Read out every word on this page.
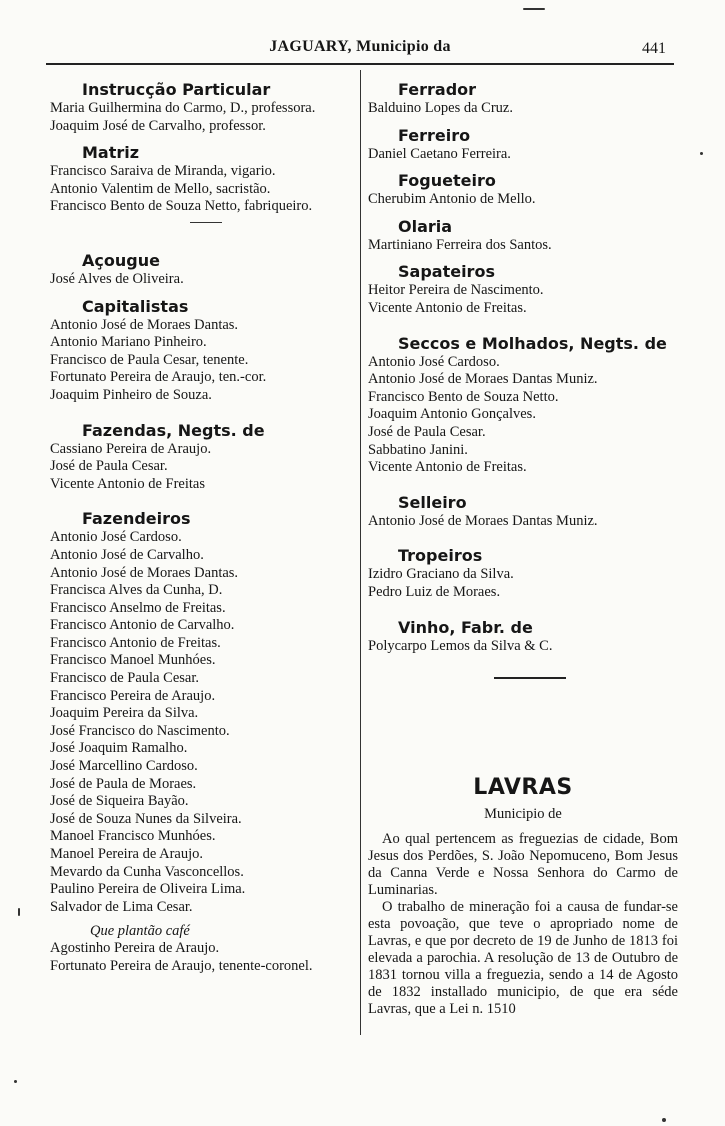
JAGUARY, Municipio da	441
Instrucção Particular
Maria Guilhermina do Carmo, D., professora.
Joaquim José de Carvalho, professor.
Matriz
Francisco Saraiva de Miranda, vigario.
Antonio Valentim de Mello, sacristão.
Francisco Bento de Souza Netto, fabriqueiro.
Açougue
José Alves de Oliveira.
Capitalistas
Antonio José de Moraes Dantas.
Antonio Mariano Pinheiro.
Francisco de Paula Cesar, tenente.
Fortunato Pereira de Araujo, ten.-cor.
Joaquim Pinheiro de Souza.
Fazendas, Negts. de
Cassiano Pereira de Araujo.
José de Paula Cesar.
Vicente Antonio de Freitas
Fazendeiros
Antonio José Cardoso.
Antonio José de Carvalho.
Antonio José de Moraes Dantas.
Francisca Alves da Cunha, D.
Francisco Anselmo de Freitas.
Francisco Antonio de Carvalho.
Francisco Antonio de Freitas.
Francisco Manoel Munhóes.
Francisco de Paula Cesar.
Francisco Pereira de Araujo.
Joaquim Pereira da Silva.
José Francisco do Nascimento.
José Joaquim Ramalho.
José Marcellino Cardoso.
José de Paula de Moraes.
José de Siqueira Bayão.
José de Souza Nunes da Silveira.
Manoel Francisco Munhóes.
Manoel Pereira de Araujo.
Mevardo da Cunha Vasconcellos.
Paulino Pereira de Oliveira Lima.
Salvador de Lima Cesar.
Que plantão café
Agostinho Pereira de Araujo.
Fortunato Pereira de Araujo, tenente-coronel.
Ferrador
Balduino Lopes da Cruz.
Ferreiro
Daniel Caetano Ferreira.
Fogueteiro
Cherubim Antonio de Mello.
Olaria
Martiniano Ferreira dos Santos.
Sapateiros
Heitor Pereira de Nascimento.
Vicente Antonio de Freitas.
Seccos e Molhados, Negts. de
Antonio José Cardoso.
Antonio José de Moraes Dantas Muniz.
Francisco Bento de Souza Netto.
Joaquim Antonio Gonçalves.
José de Paula Cesar.
Sabbatino Janini.
Vicente Antonio de Freitas.
Selleiro
Antonio José de Moraes Dantas Muniz.
Tropeiros
Izidro Graciano da Silva.
Pedro Luiz de Moraes.
Vinho, Fabr. de
Polycarpo Lemos da Silva & C.
LAVRAS
Municipio de
Ao qual pertencem as freguezias de cidade, Bom Jesus dos Perdões, S. João Nepomuceno, Bom Jesus da Canna Verde e Nossa Senhora do Carmo de Luminarias.
O trabalho de mineração foi a causa de fundar-se esta povoação, que teve o apropriado nome de Lavras, e que por decreto de 19 de Junho de 1813 foi elevada a parochia. A resolução de 13 de Outubro de 1831 tornou villa a freguezia, sendo a 14 de Agosto de 1832 installado municipio, de que era séde Lavras, que a Lei n. 1510
